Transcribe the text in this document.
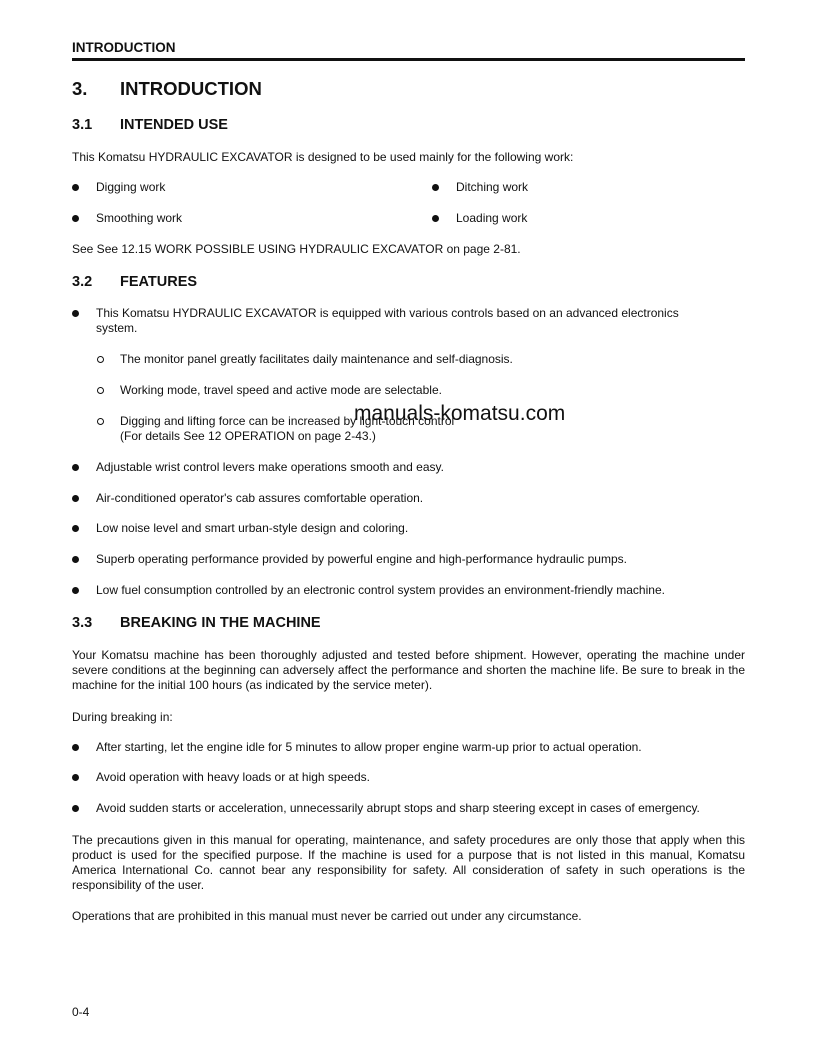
INTRODUCTION
3. INTRODUCTION
3.1 INTENDED USE
This Komatsu HYDRAULIC EXCAVATOR is designed to be used mainly for the following work:
Digging work	Ditching work
Smoothing work	Loading work
See See 12.15 WORK POSSIBLE USING HYDRAULIC EXCAVATOR on page 2-81.
3.2 FEATURES
This Komatsu HYDRAULIC EXCAVATOR is equipped with various controls based on an advanced electronics
system.
The monitor panel greatly facilitates daily maintenance and self-diagnosis.
Working mode, travel speed and active mode are selectable.
Digging and lifting force can be increased by light-touch control
(For details See 12 OPERATION on page 2-43.)
Adjustable wrist control levers make operations smooth and easy.
Air-conditioned operator's cab assures comfortable operation.
Low noise level and smart urban-style design and coloring.
Superb operating performance provided by powerful engine and high-performance hydraulic pumps.
Low fuel consumption controlled by an electronic control system provides an environment-friendly machine.
3.3 BREAKING IN THE MACHINE
Your Komatsu machine has been thoroughly adjusted and tested before shipment. However, operating the machine under severe conditions at the beginning can adversely affect the performance and shorten the machine life. Be sure to break in the machine for the initial 100 hours (as indicated by the service meter).
During breaking in:
After starting, let the engine idle for 5 minutes to allow proper engine warm-up prior to actual operation.
Avoid operation with heavy loads or at high speeds.
Avoid sudden starts or acceleration, unnecessarily abrupt stops and sharp steering except in cases of emergency.
The precautions given in this manual for operating, maintenance, and safety procedures are only those that apply when this product is used for the specified purpose. If the machine is used for a purpose that is not listed in this manual, Komatsu America International Co. cannot bear any responsibility for safety. All consideration of safety in such operations is the responsibility of the user.
Operations that are prohibited in this manual must never be carried out under any circumstance.
manuals-komatsu.com
0-4
